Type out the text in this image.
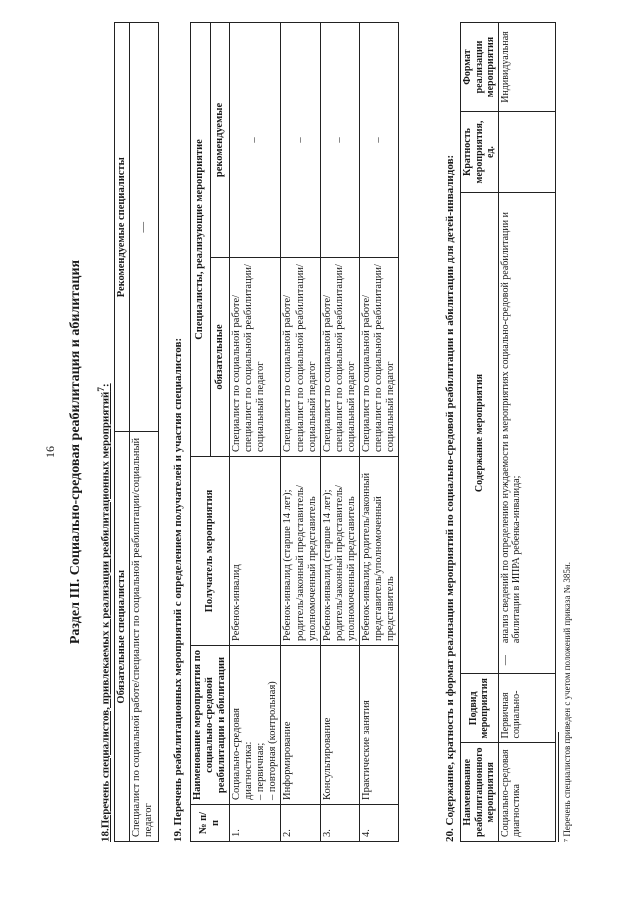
16 Раздел III. Социально-средовая реабилитация и абилитация	18.Перечень специалистов, привлекаемых к реализации реабилитационных мероприятий$^7$:
Обязательные специалисты	Рекомендуемые специалисты
Специалист по социальной работе/специалист по социальной реабилитации/социальный педагог	—
19. Перечень реабилитационных мероприятий с определением получателей и участия специалистов: № п/п	Наименование мероприятия по социально-средовой реабилитации и абилитации	Получатель мероприятия	Специалисты, реализующие мероприятие	
			обязательные	рекомендуемые
1.	Социально-средовая диагностика:
– первичная;
– повторная (контрольная)	Ребенок-инвалид	Специалист по социальной работе/специалист по социальной реабилитации/социальный педагог	–
2.	Информирование	Ребенок-инвалид (старше 14 лет); родитель/законный представитель/уполномоченный представитель	Специалист по социальной работе/специалист по социальной реабилитации/социальный педагог	–
3.	Консультирование	Ребенок-инвалид (старше 14 лет); родитель/законный представитель/уполномоченный представитель	Специалист по социальной работе/специалист по социальной реабилитации/социальный педагог	–
4.	Практические занятия	Ребенок-инвалид; родитель/законный представитель/уполномоченный представитель	Специалист по социальной работе/специалист по социальной реабилитации/социальный педагог	–
20. Содержание, кратность и формат реализации мероприятий по социально-средовой реабилитации и абилитации для детей-инвалидов: Наименование реабилитационного мероприятия	Подвид мероприятия	Содержание мероприятия		Кратность мероприятия, ед.	Формат реализации мероприятия
Социально-средовая диагностика	Первичная социально-	—	анализ сведений по определению нуждаемости в мероприятиях социально-средовой реабилитации и абилитации в ИПРА ребенка-инвалида;		Индивидуальная
⁷ Перечень специалистов приведен с учетом положений приказа № 385н.
